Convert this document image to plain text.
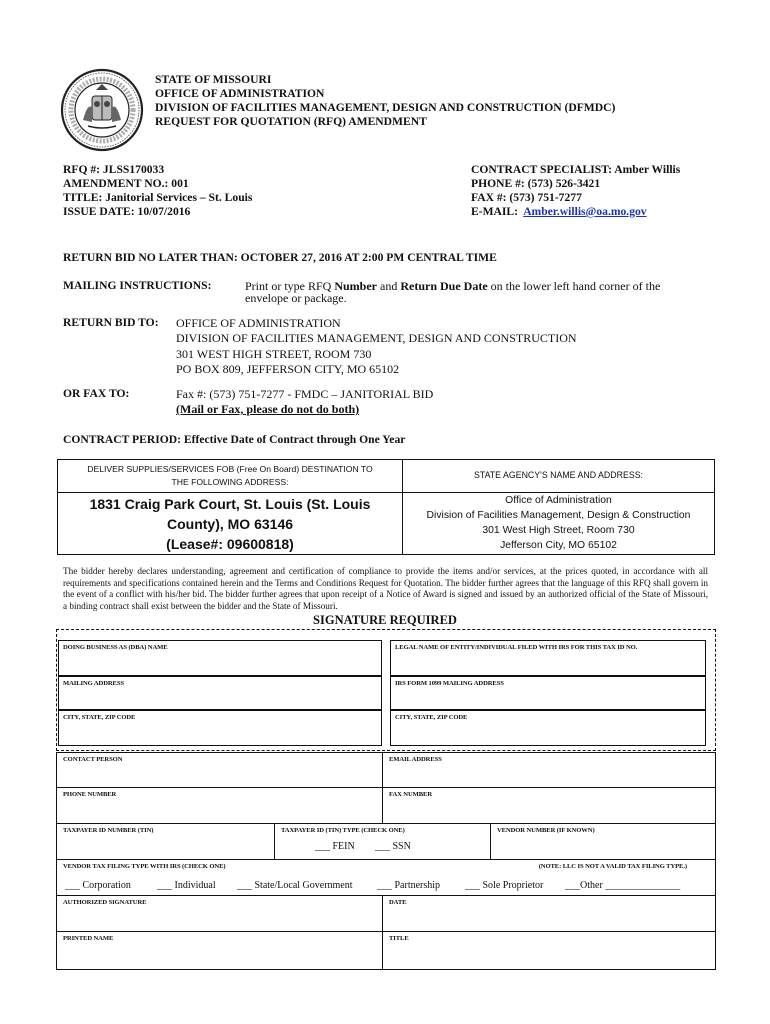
STATE OF MISSOURI
OFFICE OF ADMINISTRATION
DIVISION OF FACILITIES MANAGEMENT, DESIGN AND CONSTRUCTION (DFMDC)
REQUEST FOR QUOTATION (RFQ) AMENDMENT
RFQ #: JLSS170033
AMENDMENT NO.: 001
TITLE: Janitorial Services – St. Louis
ISSUE DATE: 10/07/2016
CONTRACT SPECIALIST: Amber Willis
PHONE #: (573) 526-3421
FAX #: (573) 751-7277
E-MAIL: Amber.willis@oa.mo.gov
RETURN BID NO LATER THAN: OCTOBER 27, 2016 AT 2:00 PM CENTRAL TIME
MAILING INSTRUCTIONS:	Print or type RFQ Number and Return Due Date on the lower left hand corner of the
envelope or package.
RETURN BID TO: OFFICE OF ADMINISTRATION
DIVISION OF FACILITIES MANAGEMENT, DESIGN AND CONSTRUCTION
301 WEST HIGH STREET, ROOM 730
PO BOX 809, JEFFERSON CITY, MO 65102
OR FAX TO:	Fax #: (573) 751-7277 - FMDC – JANITORIAL BID
(Mail or Fax, please do not do both)
CONTRACT PERIOD: Effective Date of Contract through One Year
DELIVER SUPPLIES/SERVICES FOB (Free On Board) DESTINATION TO
THE FOLLOWING ADDRESS:
STATE AGENCY'S NAME AND ADDRESS:
1831 Craig Park Court, St. Louis (St. Louis
County), MO 63146
(Lease#: 09600818)
Office of Administration
Division of Facilities Management, Design & Construction
301 West High Street, Room 730
Jefferson City, MO 65102
The bidder hereby declares understanding, agreement and certification of compliance to provide the items and/or services, at the prices quoted, in accordance with all requirements and specifications contained herein and the Terms and Conditions Request for Quotation. The bidder further agrees that the language of this RFQ shall govern in the event of a conflict with his/her bid. The bidder further agrees that upon receipt of a Notice of Award is signed and issued by an authorized official of the State of Missouri, a binding contract shall exist between the bidder and the State of Missouri.
SIGNATURE REQUIRED
DOING BUSINESS AS (DBA) NAME	LEGAL NAME OF ENTITY/INDIVIDUAL FILED WITH IRS FOR THIS TAX ID NO.
MAILING ADDRESS	IRS FORM 1099 MAILING ADDRESS
CITY, STATE, ZIP CODE	CITY, STATE, ZIP CODE
CONTACT PERSON	EMAIL ADDRESS
PHONE NUMBER	FAX NUMBER
TAXPAYER ID NUMBER (TIN)	TAXPAYER ID (TIN) TYPE (CHECK ONE)
___ FEIN ___ SSN
VENDOR NUMBER (IF KNOWN)
VENDOR TAX FILING TYPE WITH IRS (CHECK ONE)	(NOTE: LLC IS NOT A VALID TAX FILING TYPE.)
___ Corporation	___ Individual ___ State/Local Government ___ Partnership ___ Sole Proprietor ___Other _______________
AUTHORIZED SIGNATURE	DATE
PRINTED NAME	TITLE
